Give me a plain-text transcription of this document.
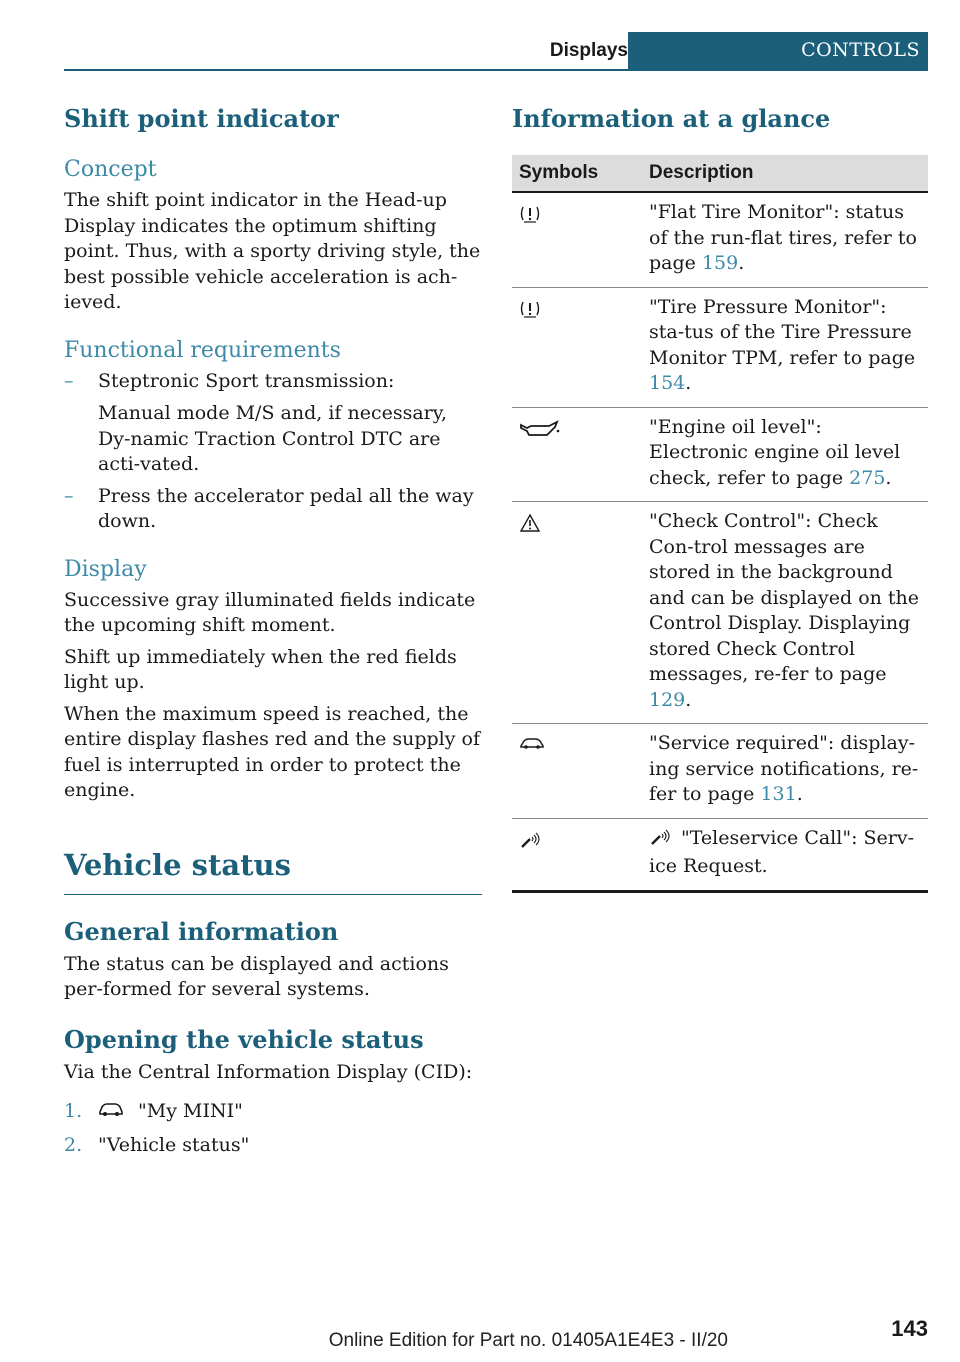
Displays	CONTROLS
Shift point indicator
Concept

The shift point indicator in the Head-up Display indicates the optimum shifting point. Thus, with a sporty driving style, the best possible vehicle acceleration is ach-ieved.

Functional requirements
– Steptronic Sport transmission:
Manual mode M/S and, if necessary, Dy-namic Traction Control DTC are acti-vated.
– Press the accelerator pedal all the way down.
Display

Successive gray illuminated fields indicate the upcoming shift moment.

Shift up immediately when the red fields light up.

When the maximum speed is reached, the entire display flashes red and the supply of fuel is interrupted in order to protect the engine.

Vehicle status
General information

The status can be displayed and actions per-formed for several systems.

Opening the vehicle status

Via the Central Information Display (CID):

1.	"My MINI"
2. "Vehicle status"
Information at a glance
Symbols	Description

	"Flat Tire Monitor": status of the run-flat tires, refer to page 159.

	"Tire Pressure Monitor": sta-tus of the Tire Pressure Monitor TPM, refer to page 154.

	"Engine oil level": Electronic engine oil level check, refer to page 275.

	"Check Control": Check Con-trol messages are stored in the background and can be displayed on the Control Display. Displaying stored Check Control messages, re-fer to page 129.

	"Service required": display-ing service notifications, re-fer to page 131.

	"Teleservice Call": Serv-ice Request.
143
Online Edition for Part no. 01405A1E4E3 - II/20
